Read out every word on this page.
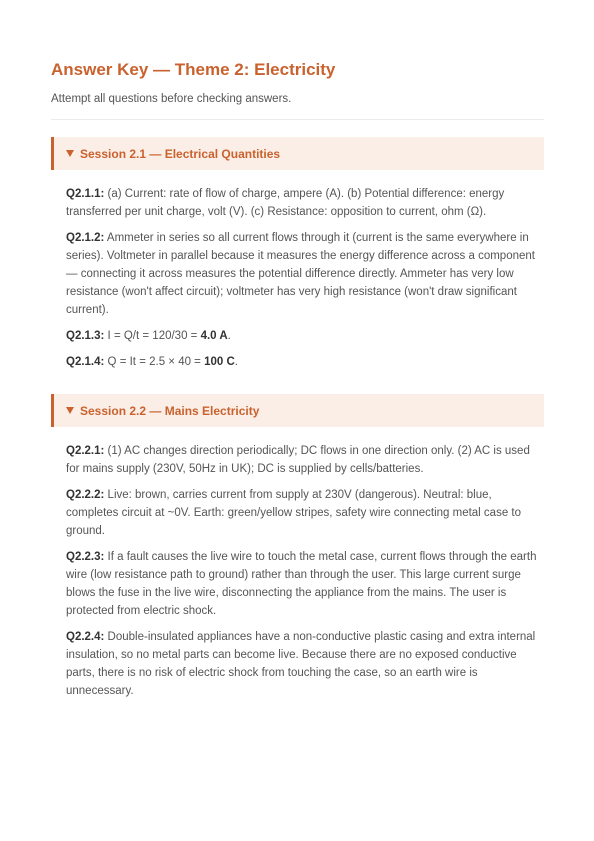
Answer Key — Theme 2: Electricity
Attempt all questions before checking answers.
Session 2.1 — Electrical Quantities

Q2.1.1: (a) Current: rate of flow of charge, ampere (A). (b) Potential difference: energy transferred per unit charge, volt (V). (c) Resistance: opposition to current, ohm (Ω).

Q2.1.2: Ammeter in series so all current flows through it (current is the same everywhere in series). Voltmeter in parallel because it measures the energy difference across a component — connecting it across measures the potential difference directly. Ammeter has very low resistance (won't affect circuit); voltmeter has very high resistance (won't draw significant current).

Q2.1.3: I = Q/t = 120/30 = 4.0 A.

Q2.1.4: Q = It = 2.5 × 40 = 100 C.

Session 2.2 — Mains Electricity

Q2.2.1: (1) AC changes direction periodically; DC flows in one direction only. (2) AC is used for mains supply (230V, 50Hz in UK); DC is supplied by cells/batteries.

Q2.2.2: Live: brown, carries current from supply at 230V (dangerous). Neutral: blue, completes circuit at ~0V. Earth: green/yellow stripes, safety wire connecting metal case to ground.

Q2.2.3: If a fault causes the live wire to touch the metal case, current flows through the earth wire (low resistance path to ground) rather than through the user. This large current surge blows the fuse in the live wire, disconnecting the appliance from the mains. The user is protected from electric shock.

Q2.2.4: Double-insulated appliances have a non-conductive plastic casing and extra internal insulation, so no metal parts can become live. Because there are no exposed conductive parts, there is no risk of electric shock from touching the case, so an earth wire is unnecessary.
